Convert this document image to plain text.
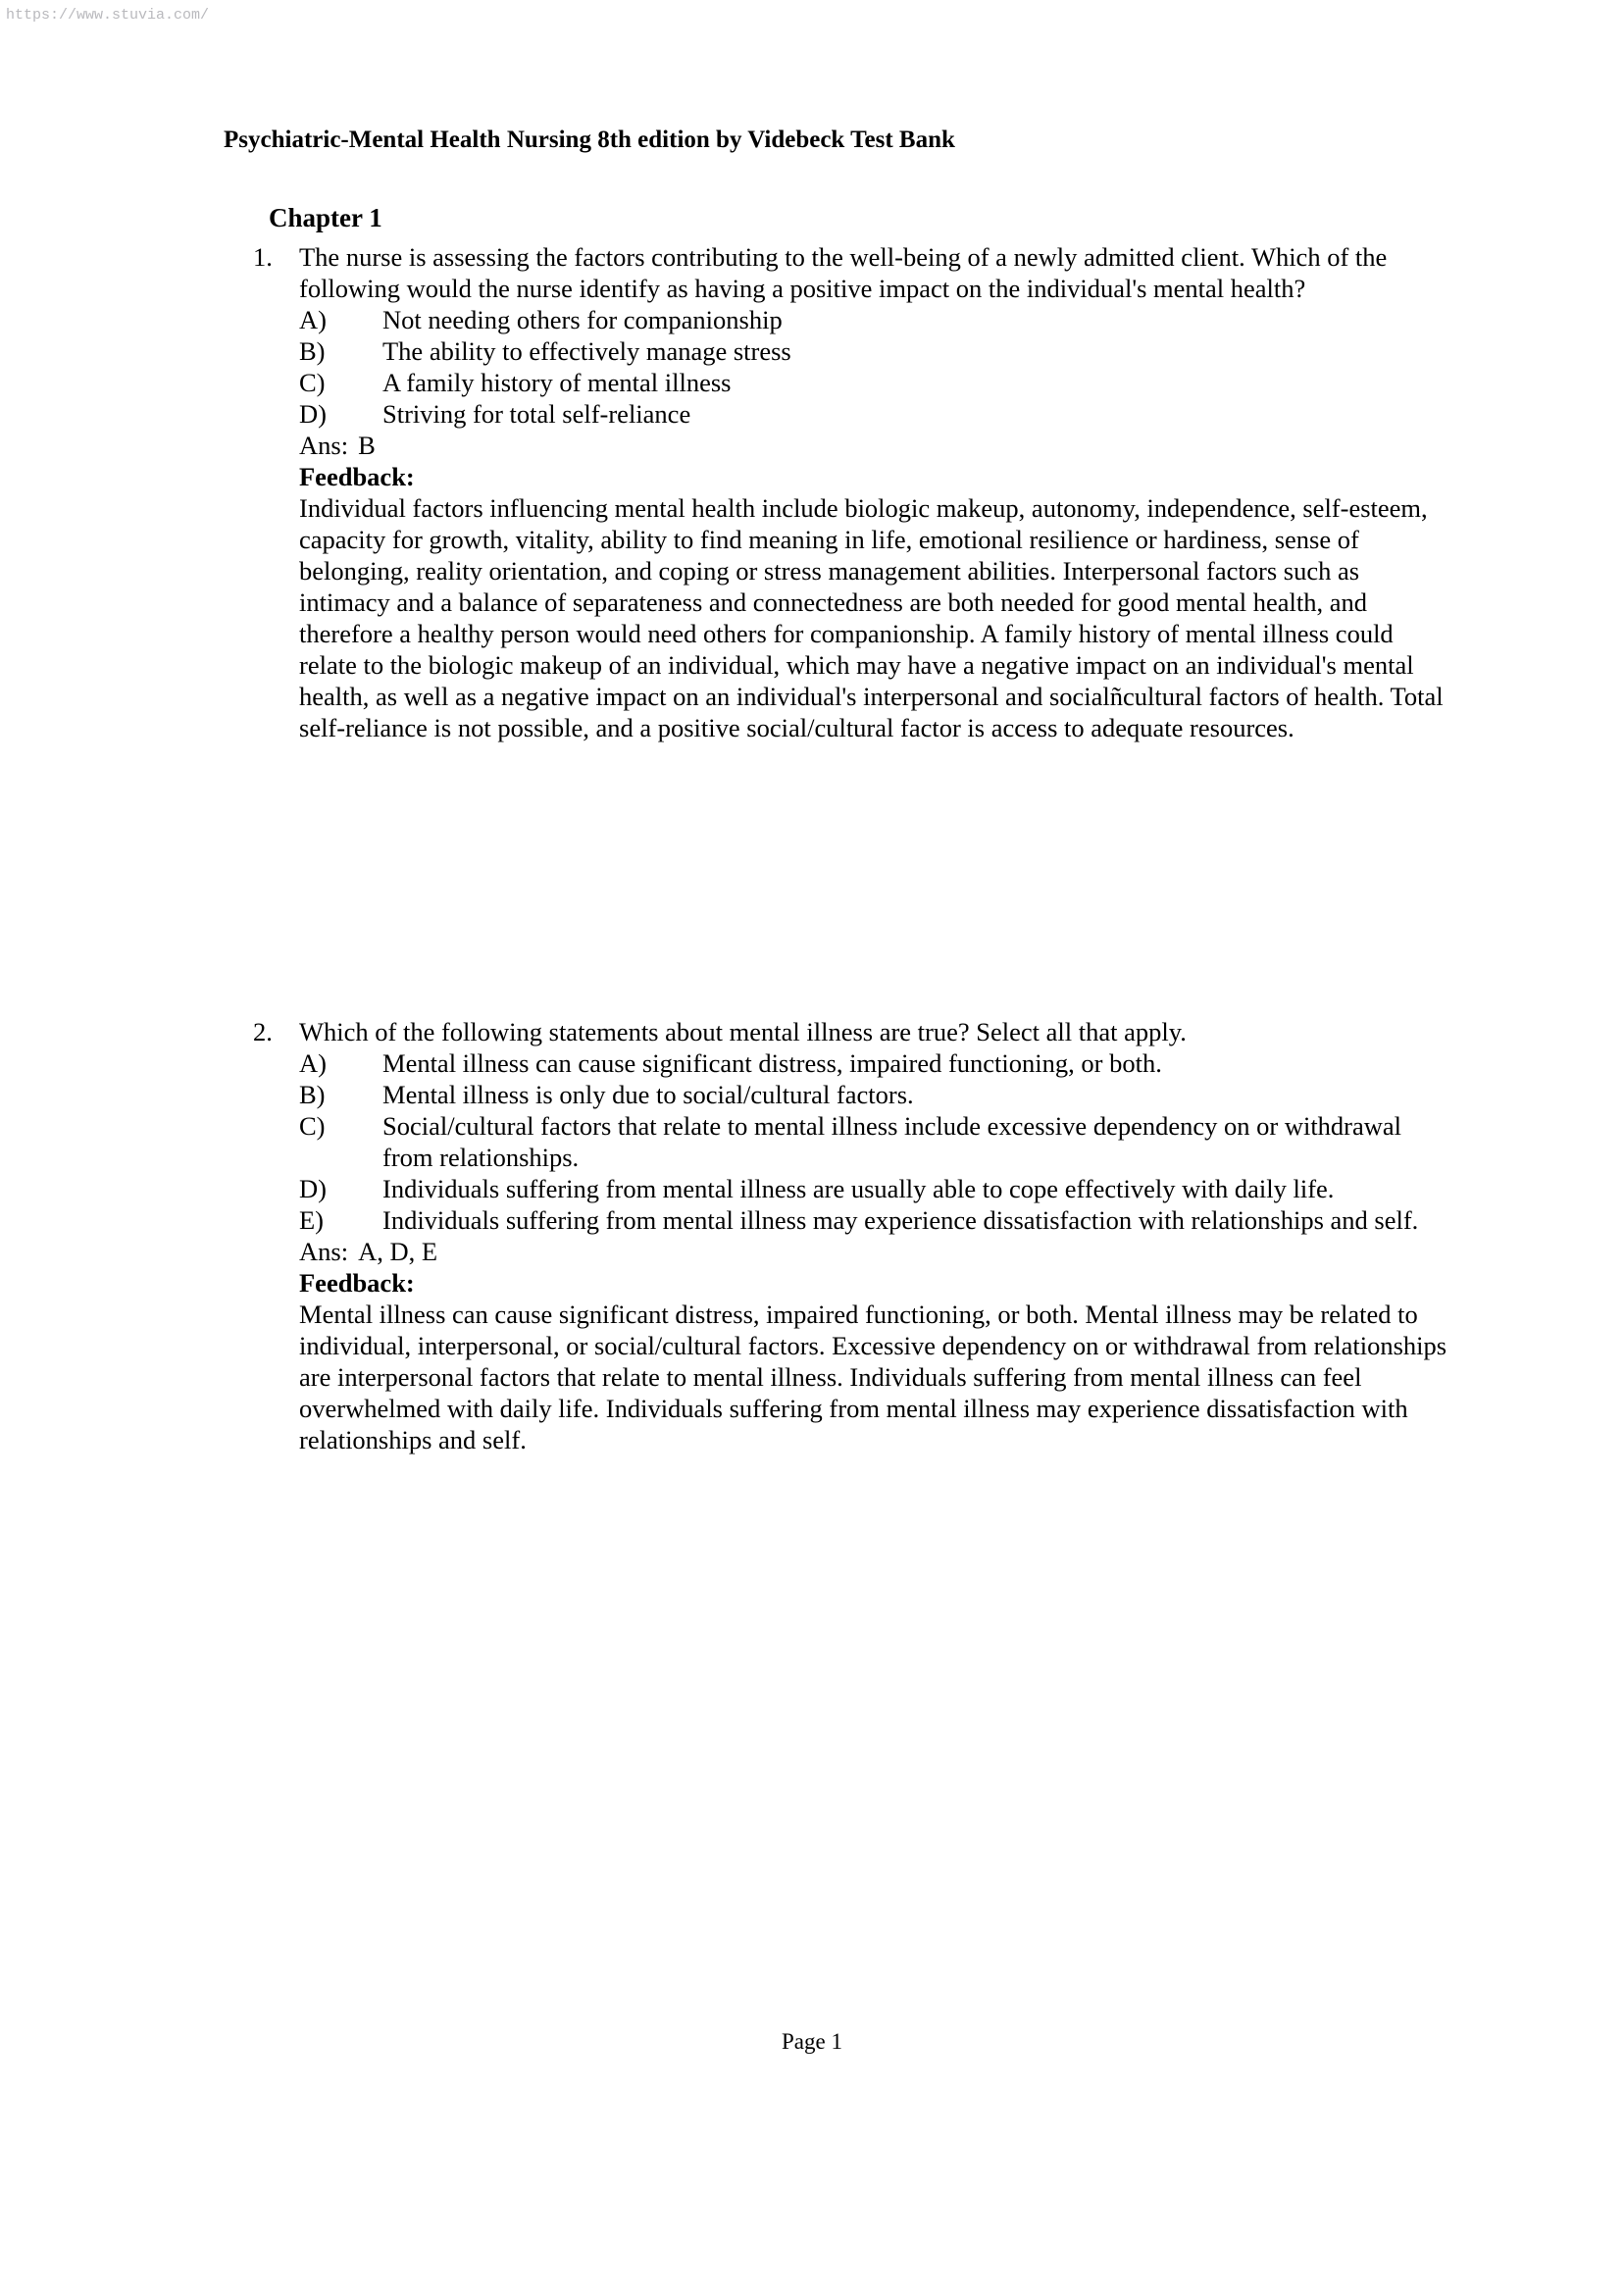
https://www.stuvia.com/
Psychiatric-Mental Health Nursing 8th edition by Videbeck Test Bank
Chapter 1
1. The nurse is assessing the factors contributing to the well-being of a newly admitted client. Which of the following would the nurse identify as having a positive impact on the individual's mental health?
A) Not needing others for companionship
B) The ability to effectively manage stress
C) A family history of mental illness
D) Striving for total self-reliance
Ans: B
Feedback:
Individual factors influencing mental health include biologic makeup, autonomy, independence, self-esteem, capacity for growth, vitality, ability to find meaning in life, emotional resilience or hardiness, sense of belonging, reality orientation, and coping or stress management abilities. Interpersonal factors such as intimacy and a balance of separateness and connectedness are both needed for good mental health, and therefore a healthy person would need others for companionship. A family history of mental illness could relate to the biologic makeup of an individual, which may have a negative impact on an individual's mental health, as well as a negative impact on an individual's interpersonal and socialñcultural factors of health. Total self-reliance is not possible, and a positive social/cultural factor is access to adequate resources.
2. Which of the following statements about mental illness are true? Select all that apply.
A) Mental illness can cause significant distress, impaired functioning, or both.
B) Mental illness is only due to social/cultural factors.
C) Social/cultural factors that relate to mental illness include excessive dependency on or withdrawal from relationships.
D) Individuals suffering from mental illness are usually able to cope effectively with daily life.
E) Individuals suffering from mental illness may experience dissatisfaction with relationships and self.
Ans: A, D, E
Feedback:
Mental illness can cause significant distress, impaired functioning, or both. Mental illness may be related to individual, interpersonal, or social/cultural factors. Excessive dependency on or withdrawal from relationships are interpersonal factors that relate to mental illness. Individuals suffering from mental illness can feel overwhelmed with daily life. Individuals suffering from mental illness may experience dissatisfaction with relationships and self.
Page 1
